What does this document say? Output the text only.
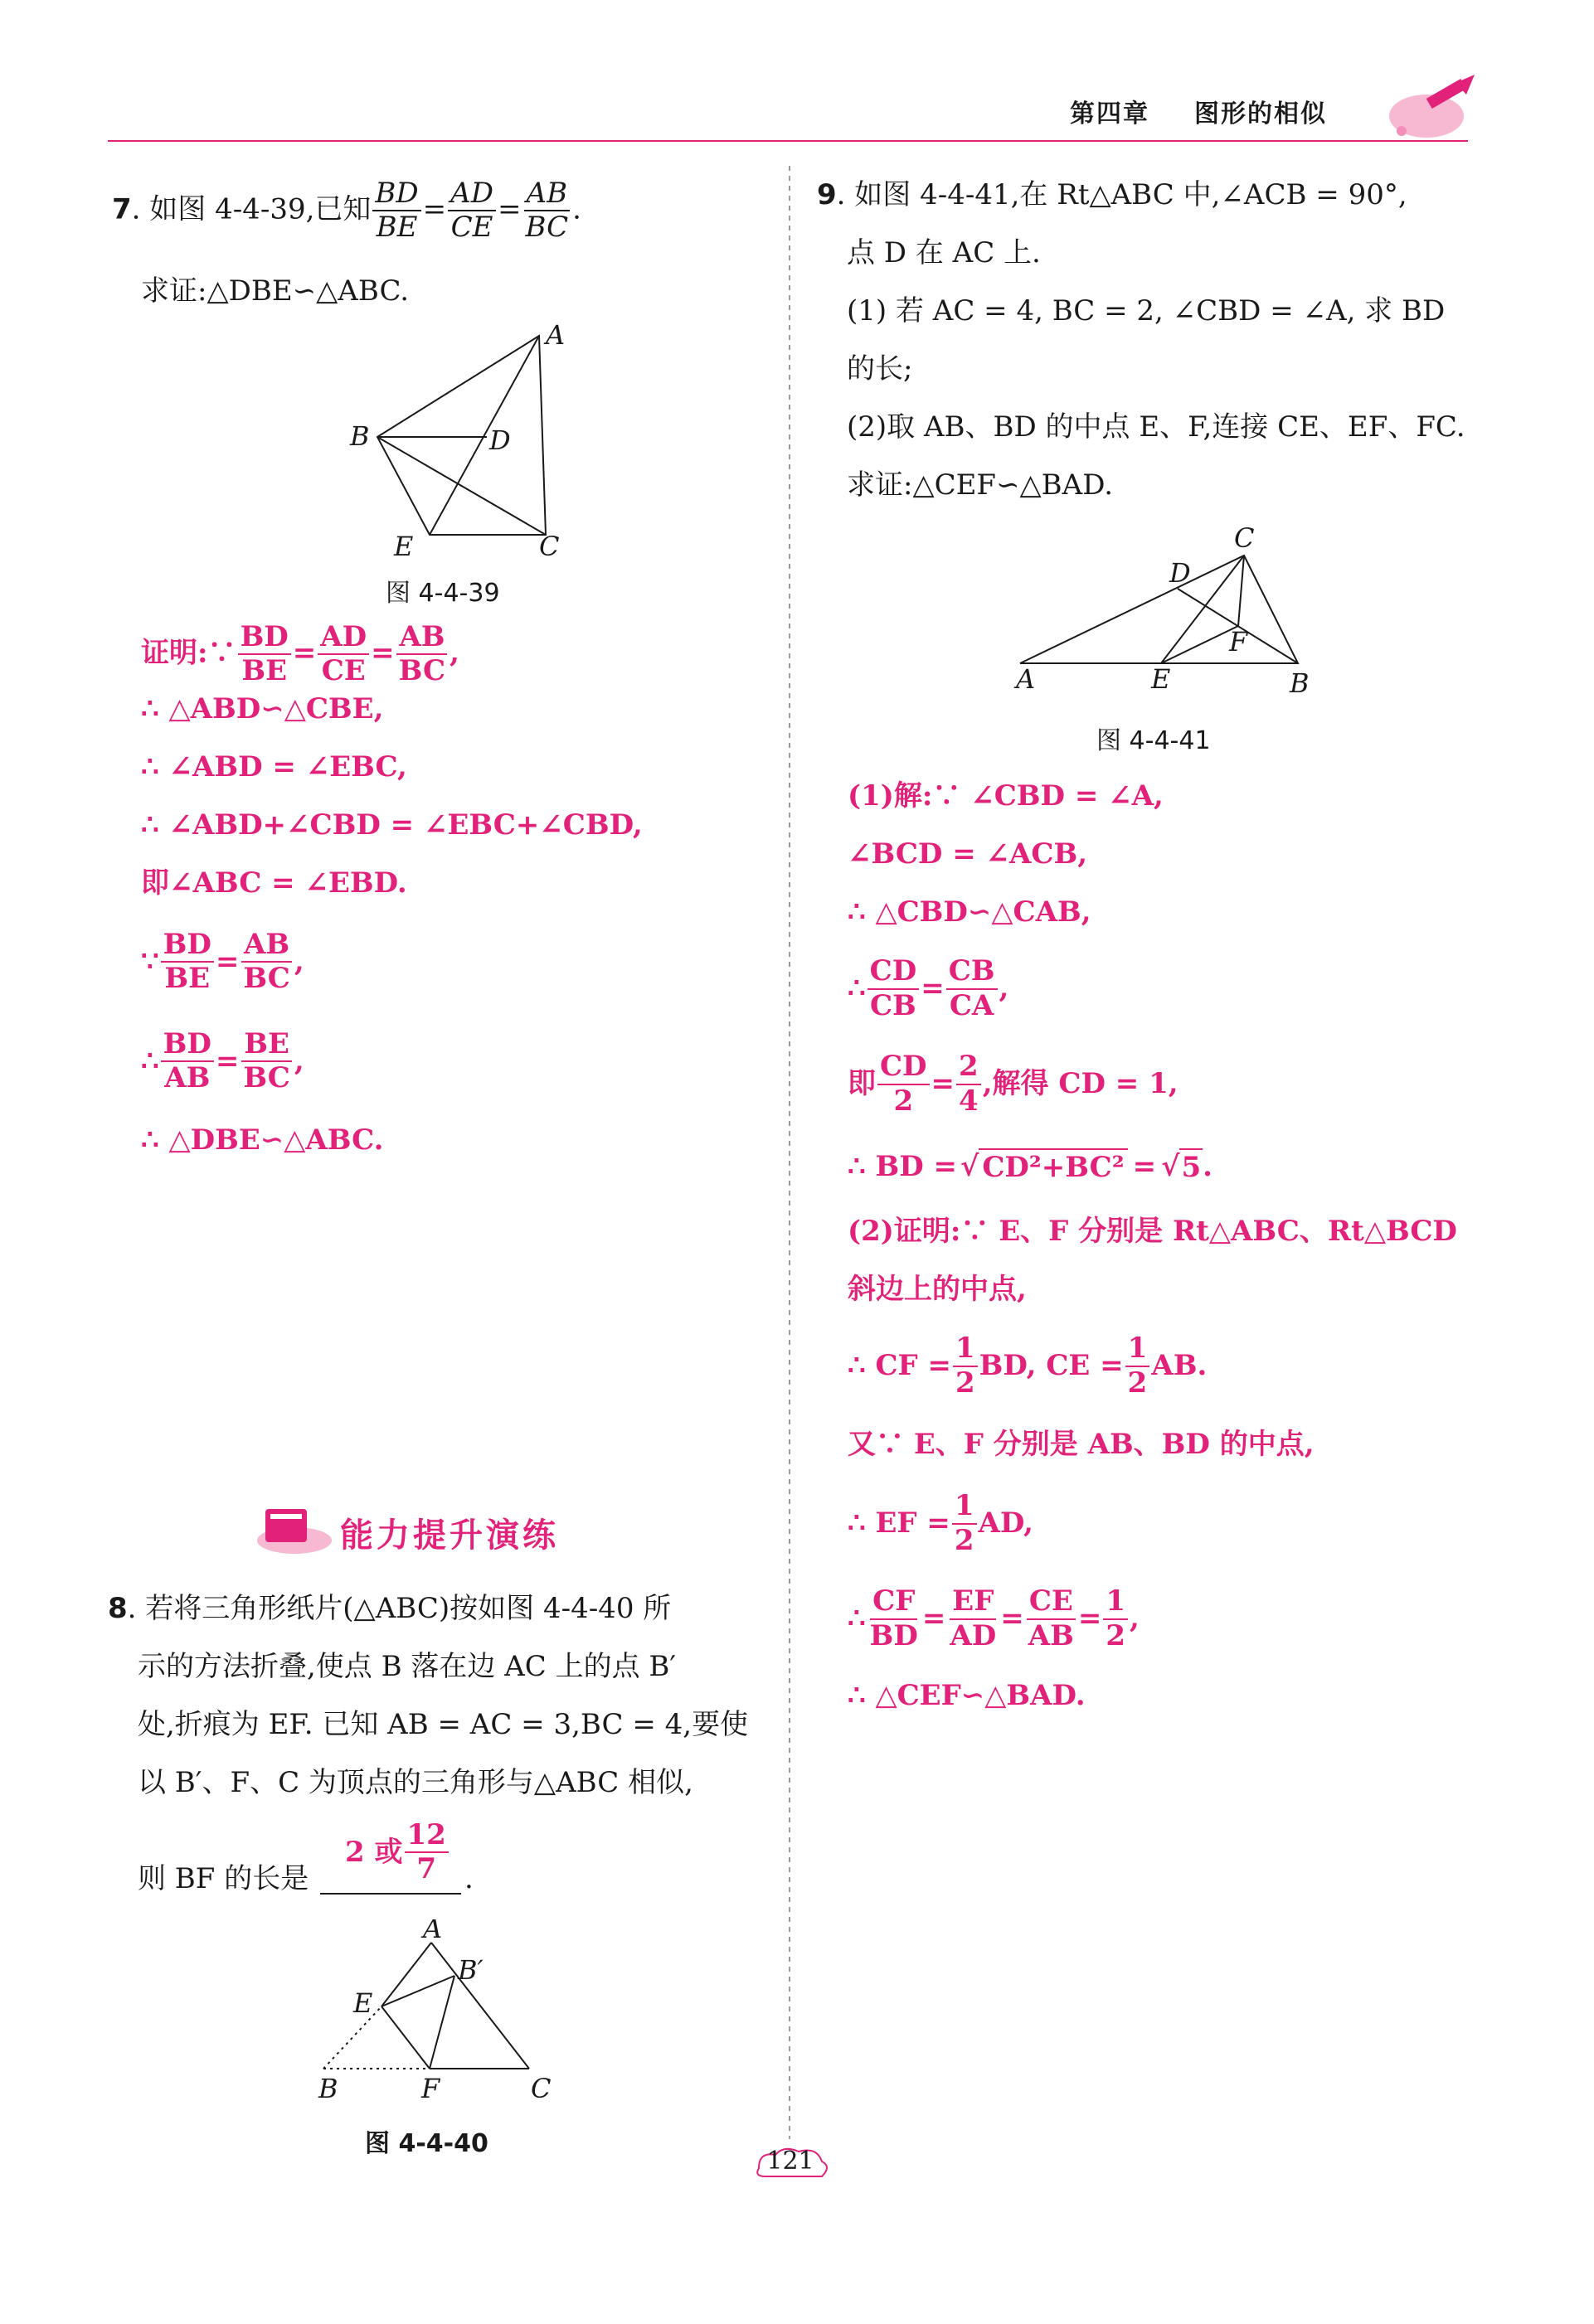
第四章 图形的相似
7. 如图 4-4-39,已知 $\frac{BD}{BE} = \frac{AD}{CE} = \frac{AB}{BC}$ .
求证:△DBE∽△ABC.
A
B	D
E	C
图 4-4-39
证明:∵ $\frac{BD}{BE} = \frac{AD}{CE} = \frac{AB}{BC}$ ,
∴ △ABD∽△CBE,
∴ ∠ABD = ∠EBC,
∴ ∠ABD+∠CBD = ∠EBC+∠CBD,
即∠ABC = ∠EBD.
∵ $\frac{BD}{BE} = \frac{AB}{BC}$ ,
∴ $\frac{BD}{AB} = \frac{BE}{BC}$ ,
∴ △DBE∽△ABC.
能力提升演练
8. 若将三角形纸片(△ABC)按如图 4-4-40 所
示的方法折叠,使点 B 落在边 AC 上的点 B′
处,折痕为 EF. 已知 AB = AC = 3,BC = 4,要使
以 B′、F、C 为顶点的三角形与△ABC 相似,
则 BF 的长是
2 或 $\frac{12}{7}$ .
A
B′
E
B	F	C
图 4-4-40
9. 如图 4-4-41,在 Rt△ABC 中,∠ACB = 90°,
点 D 在 AC 上.
(1) 若 AC = 4, BC = 2, ∠CBD = ∠A, 求 BD
的长;
(2)取 AB、BD 的中点 E、F,连接 CE、EF、FC.
求证:△CEF∽△BAD.
C
D
F
A	E	B
图 4-4-41
(1)解:∵ ∠CBD = ∠A,
∠BCD = ∠ACB,
∴ △CBD∽△CAB,
∴ $\frac{CD}{CB} = \frac{CB}{CA}$ ,
即 $\frac{CD}{2} = \frac{2}{4}$ ,解得 CD = 1,
∴ BD = √ CD²+BC² = √ 5 .
(2)证明:∵ E、F 分别是 Rt△ABC、Rt△BCD
斜边上的中点,
∴ CF = $\frac{1}{2}$ BD, CE = $\frac{1}{2}$ AB.
又∵ E、F 分别是 AB、BD 的中点,
∴ EF = $\frac{1}{2}$ AD,
∴ $\frac{CF}{BD} = \frac{EF}{AD} = \frac{CE}{AB} = \frac{1}{2}$ ,
∴ △CEF∽△BAD.
121
